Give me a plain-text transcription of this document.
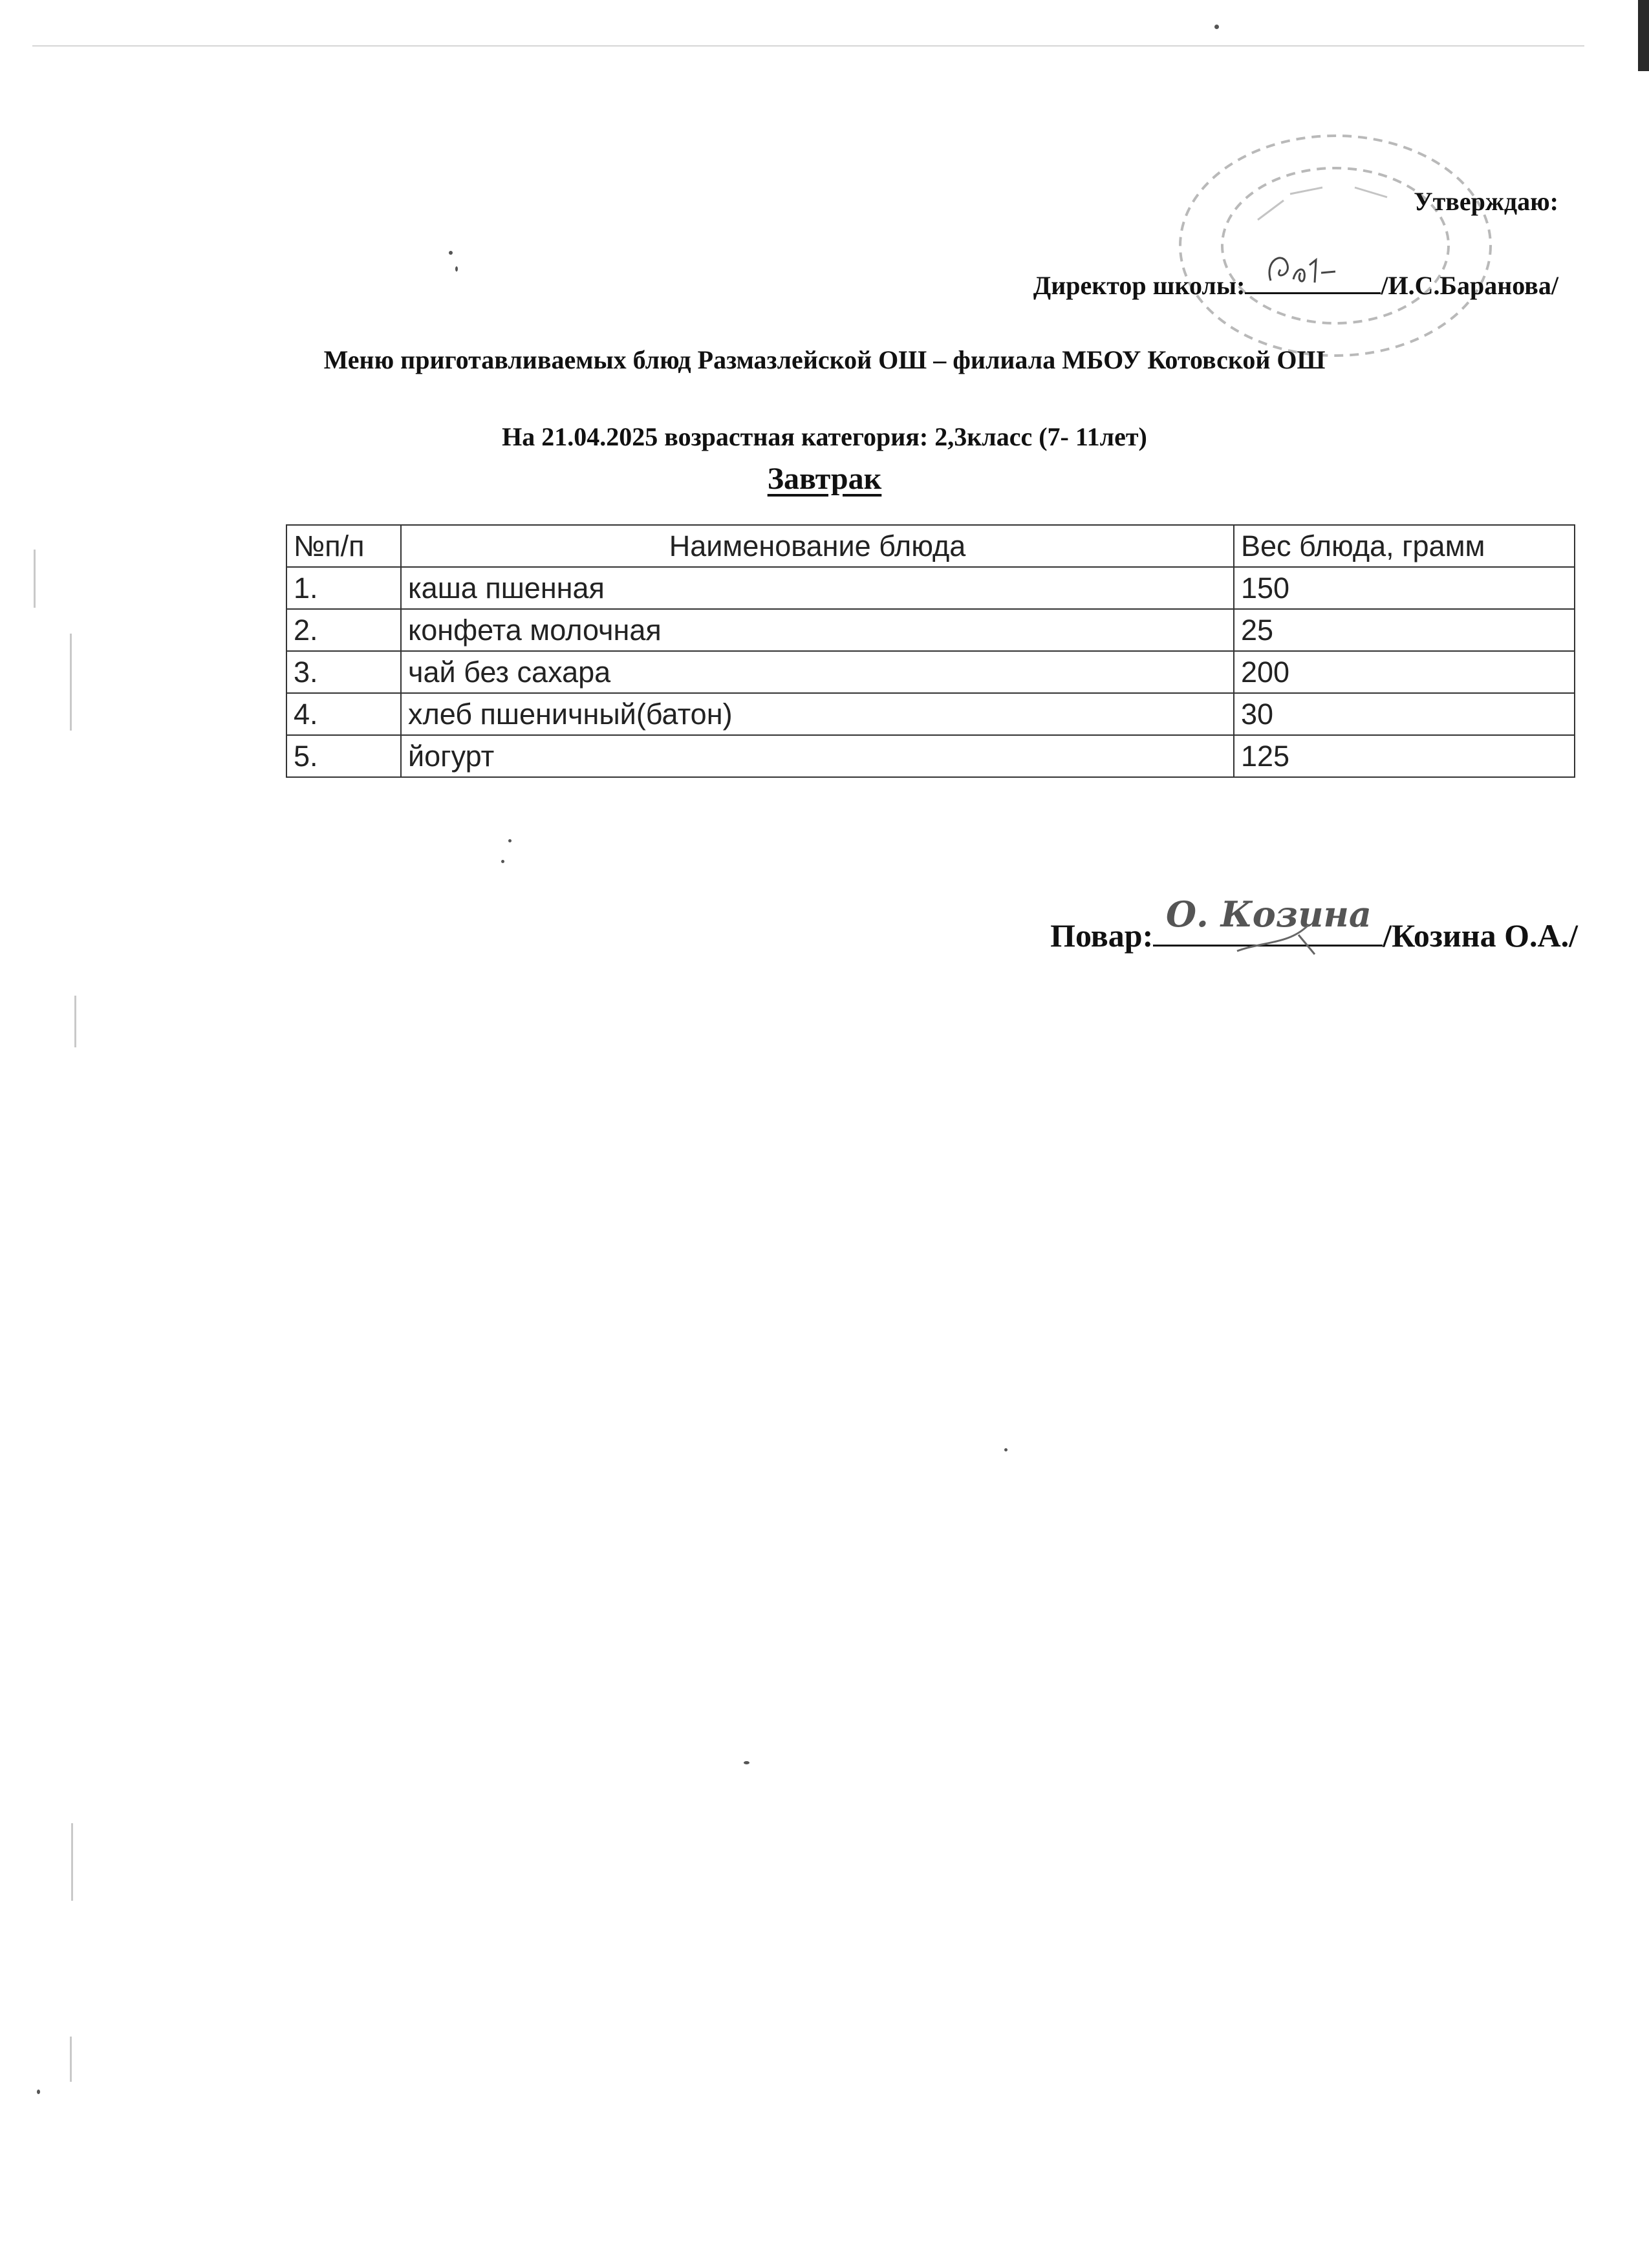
Утверждаю:
Директор школы:	/И.С.Баранова/
Меню приготавливаемых блюд Размазлейской ОШ – филиала МБОУ Котовской ОШ
На 21.04.2025 возрастная категория: 2,3класс (7- 11лет)
Завтрак
№п/п	Наименование блюда	Вес блюда, грамм
1.	каша пшенная	150
2.	конфета молочная	25
3.	чай без сахара	200
4.	хлеб пшеничный(батон)	30
5.	йогурт	125
Повар:
О. Козина
/Козина О.А./
